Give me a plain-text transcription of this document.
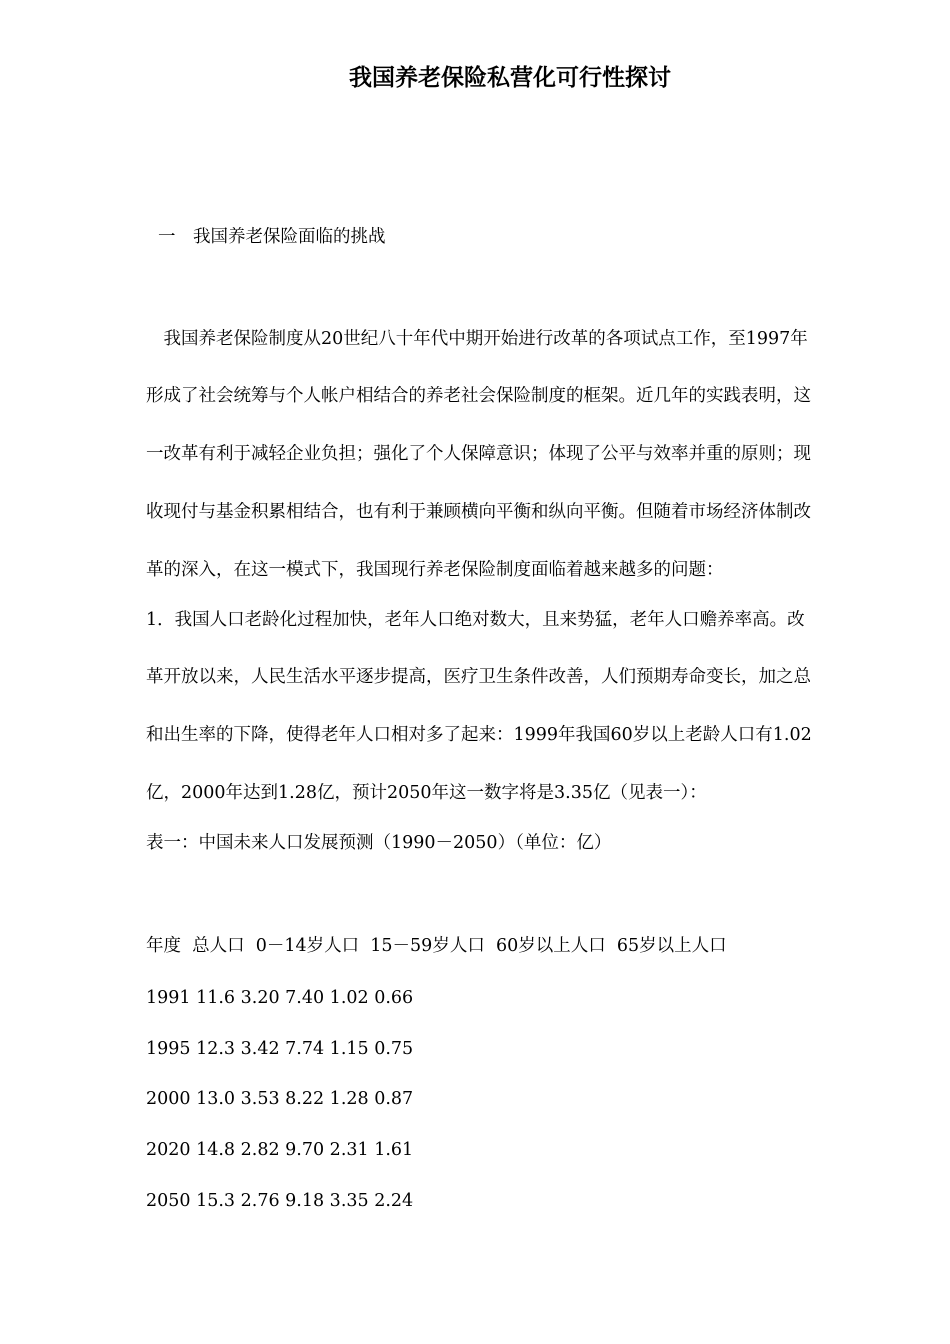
我国养老保险私营化可行性探讨

一　我国养老保险面临的挑战

　我国养老保险制度从20世纪八十年代中期开始进行改革的各项试点工作，至1997年

形成了社会统筹与个人帐户相结合的养老社会保险制度的框架。近几年的实践表明，这

一改革有利于减轻企业负担；强化了个人保障意识；体现了公平与效率并重的原则；现

收现付与基金积累相结合，也有利于兼顾横向平衡和纵向平衡。但随着市场经济体制改

革的深入，在这一模式下，我国现行养老保险制度面临着越来越多的问题：

1．我国人口老龄化过程加快，老年人口绝对数大，且来势猛，老年人口赡养率高。改

革开放以来，人民生活水平逐步提高，医疗卫生条件改善，人们预期寿命变长，加之总

和出生率的下降，使得老年人口相对多了起来：1999年我国60岁以上老龄人口有1.02

亿，2000年达到1.28亿，预计2050年这一数字将是3.35亿（见表一）：

表一：中国未来人口发展预测（1990－2050）（单位：亿）

年度  总人口  0－14岁人口  15－59岁人口  60岁以上人口  65岁以上人口

1991 11.6 3.20 7.40 1.02 0.66

1995 12.3 3.42 7.74 1.15 0.75

2000 13.0 3.53 8.22 1.28 0.87

2020 14.8 2.82 9.70 2.31 1.61

2050 15.3 2.76 9.18 3.35 2.24
